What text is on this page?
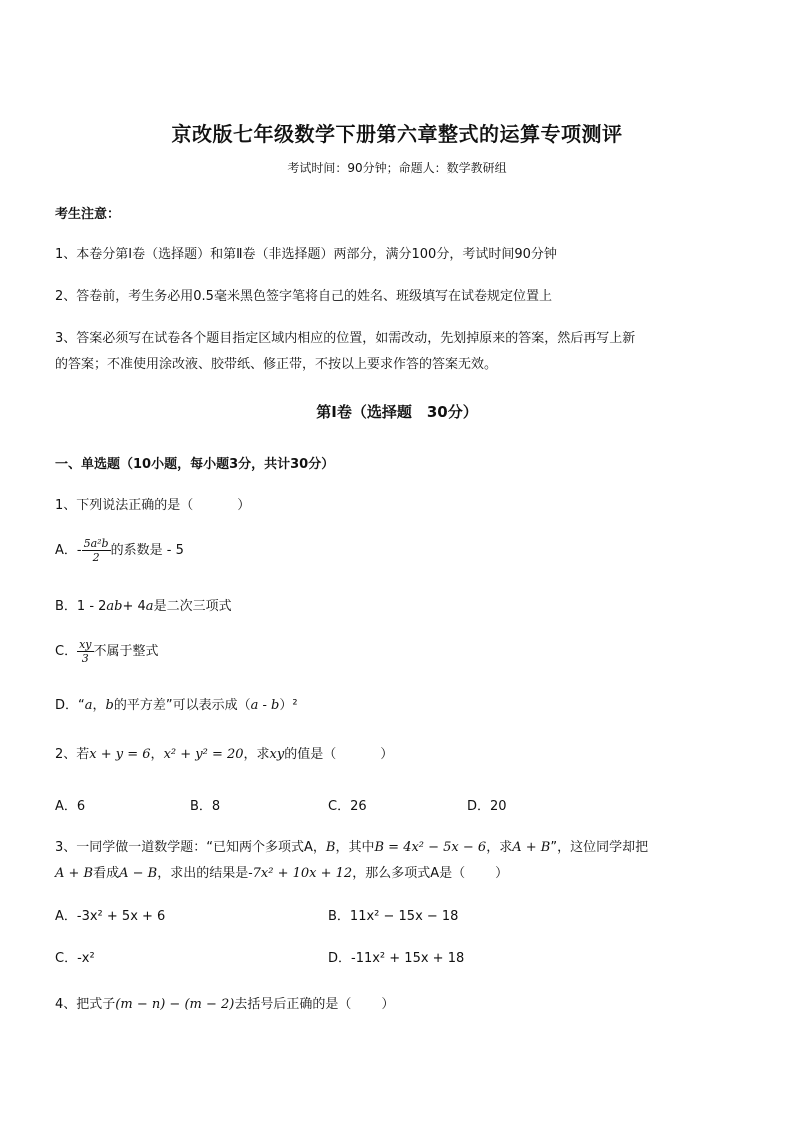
京改版七年级数学下册第六章整式的运算专项测评
考试时间：90分钟；命题人：数学教研组
考生注意：
1、本卷分第Ⅰ卷（选择题）和第Ⅱ卷（非选择题）两部分，满分100分，考试时间90分钟
2、答卷前，考生务必用0.5毫米黑色签字笔将自己的姓名、班级填写在试卷规定位置上
3、答案必须写在试卷各个题目指定区域内相应的位置，如需改动，先划掉原来的答案，然后再写上新
的答案；不准使用涂改液、胶带纸、修正带，不按以上要求作答的答案无效。
第Ⅰ卷（选择题　30分）
一、单选题（10小题，每小题3分，共计30分）
1、下列说法正确的是（	）
A．- $\frac{\text{5a²b}}{2}$ 的系数是 - 5
B．1 - 2ab+ 4a是二次三项式
C． $\frac{xy}{3}$ 不属于整式
D．“a，b的平方差”可以表示成（a - b）²
2、若x + y = 6，x² + y² = 20，求xy的值是（	）
A．6	B．8	C．26	D．20
3、一同学做一道数学题：“已知两个多项式A，B，其中B = 4x² − 5x − 6，求A + B”，这位同学却把
A + B看成A − B，求出的结果是-7x² + 10x + 12，那么多项式A是（ ）
A．-3x² + 5x + 6	B．11x² − 15x − 18
C．-x²	D．-11x² + 15x + 18
4、把式子(m − n) − (m − 2)去括号后正确的是（ ）
